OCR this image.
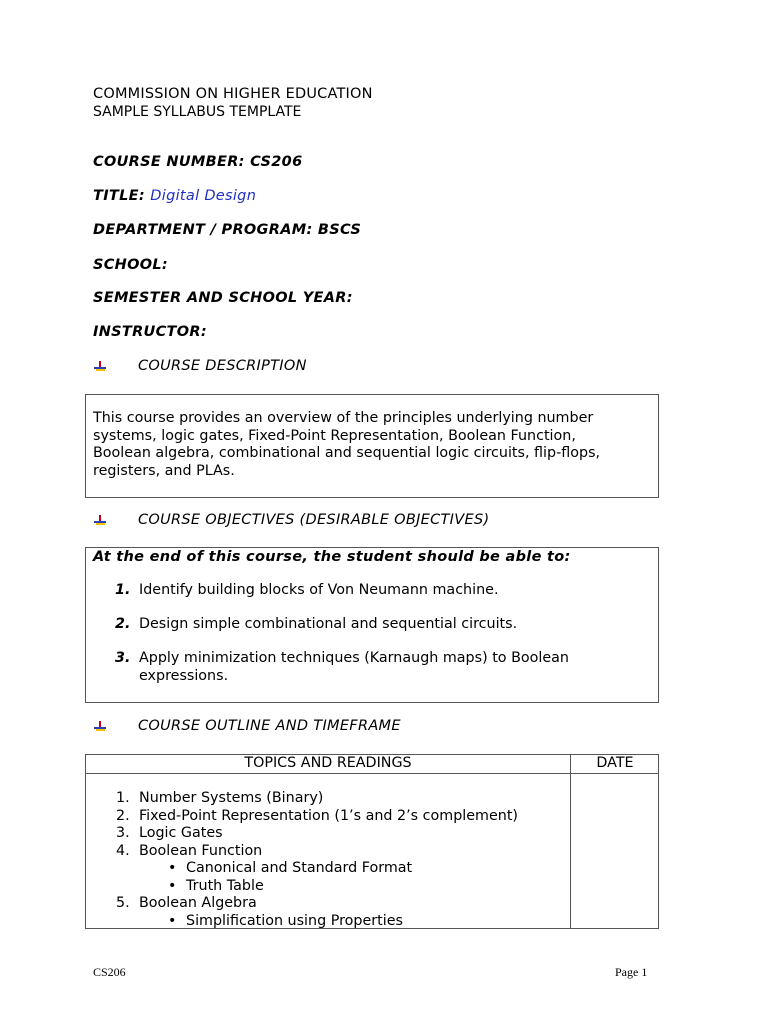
COMMISSION ON HIGHER EDUCATION
SAMPLE SYLLABUS TEMPLATE
COURSE NUMBER: CS206
TITLE: Digital Design
DEPARTMENT / PROGRAM: BSCS
SCHOOL:
SEMESTER AND SCHOOL YEAR:
INSTRUCTOR:
COURSE DESCRIPTION
This course provides an overview of the principles underlying number
systems, logic gates, Fixed-Point Representation, Boolean Function,
Boolean algebra, combinational and sequential logic circuits, flip-flops,
registers, and PLAs.
COURSE OBJECTIVES (DESIRABLE OBJECTIVES)
At the end of this course, the student should be able to:
1. Identify building blocks of Von Neumann machine.
2. Design simple combinational and sequential circuits.
3. Apply minimization techniques (Karnaugh maps) to Boolean
expressions.
COURSE OUTLINE AND TIMEFRAME
TOPICS AND READINGS	DATE
1. Number Systems (Binary)
2. Fixed-Point Representation (1’s and 2’s complement)
3. Logic Gates
4. Boolean Function
• Canonical and Standard Format
• Truth Table
5. Boolean Algebra
• Simplification using Properties
CS206	Page 1
